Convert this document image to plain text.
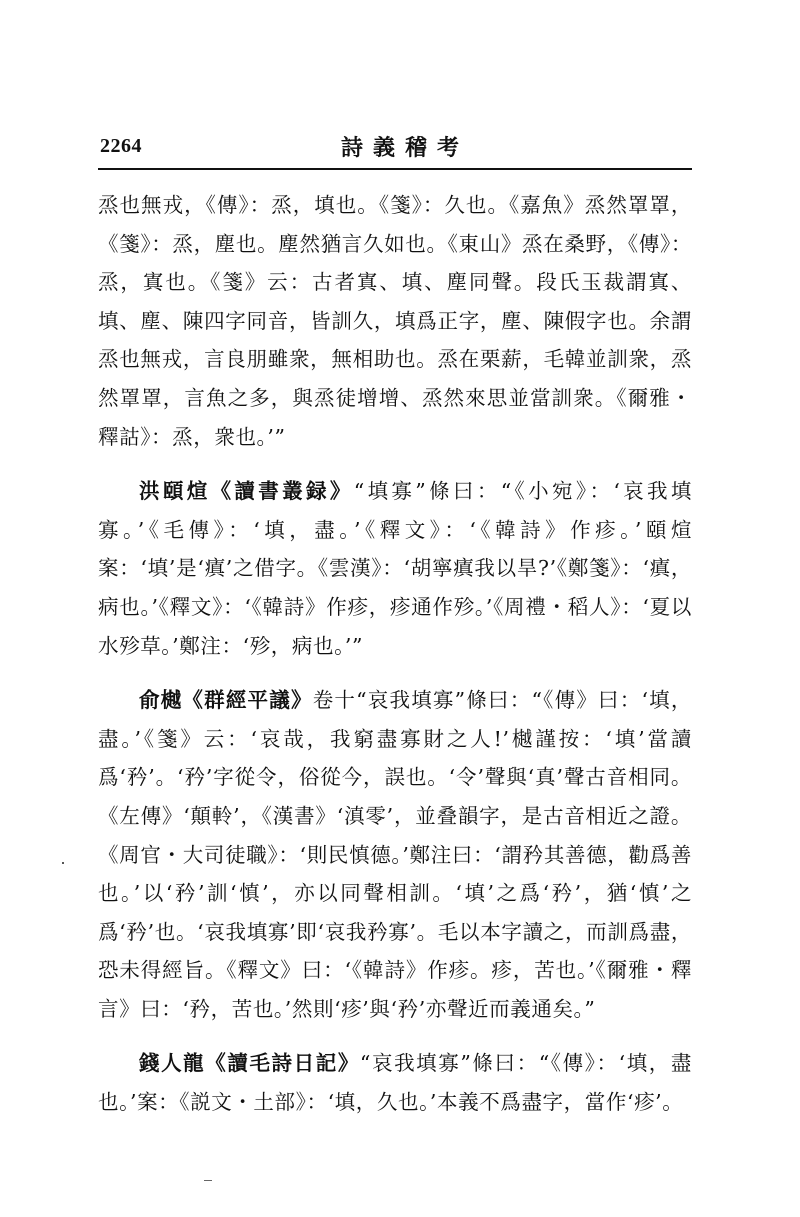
2264	詩義稽考

烝也無戎，《傳》：烝，填也。《箋》：久也。《嘉魚》烝然罩罩，《箋》：烝，塵也。塵然猶言久如也。《東山》烝在桑野，《傳》：烝，寘也。《箋》云：古者寘、填、塵同聲。段氏玉裁謂寘、填、塵、陳四字同音，皆訓久，填爲正字，塵、陳假字也。余謂烝也無戎，言良朋雖衆，無相助也。烝在栗薪，毛韓並訓衆，烝然罩罩，言魚之多，與烝徒增增、烝然來思並當訓衆。《爾雅・釋詁》：烝，衆也。’”

洪頤煊《讀書叢録》“填寡”條曰：“《小宛》：‘哀我填寡。’《毛傳》：‘填，盡。’《釋文》：‘《韓詩》作疹。’頤煊案：‘填’是‘瘨’之借字。《雲漢》：‘胡寧瘨我以旱?’《鄭箋》：‘瘨，病也。’《釋文》：‘《韓詩》作疹，疹通作殄。’《周禮・稻人》：‘夏以水殄草。’鄭注：‘殄，病也。’”

俞樾《群經平議》卷十“哀我填寡”條曰：“《傳》曰：‘填，盡。’《箋》云：‘哀哉，我窮盡寡財之人!’樾謹按：‘填’當讀爲‘矜’。‘矜’字從令，俗從今，誤也。‘令’聲與‘真’聲古音相同。《左傳》‘顛軨’，《漢書》‘滇零’，並叠韻字，是古音相近之證。《周官・大司徒職》：‘則民慎德。’鄭注曰：‘謂矜其善德，勸爲善也。’以‘矜’訓‘慎’，亦以同聲相訓。‘填’之爲‘矜’，猶‘慎’之爲‘矜’也。‘哀我填寡’即‘哀我矜寡’。毛以本字讀之，而訓爲盡，恐未得經旨。《釋文》曰：‘《韓詩》作疹。疹，苦也。’《爾雅・釋言》曰：‘矜，苦也。’然則‘疹’與‘矜’亦聲近而義通矣。”

錢人龍《讀毛詩日記》“哀我填寡”條曰：“《傳》：‘填，盡也。’案：《説文・土部》：‘填，久也。’本義不爲盡字，當作‘疹’。
